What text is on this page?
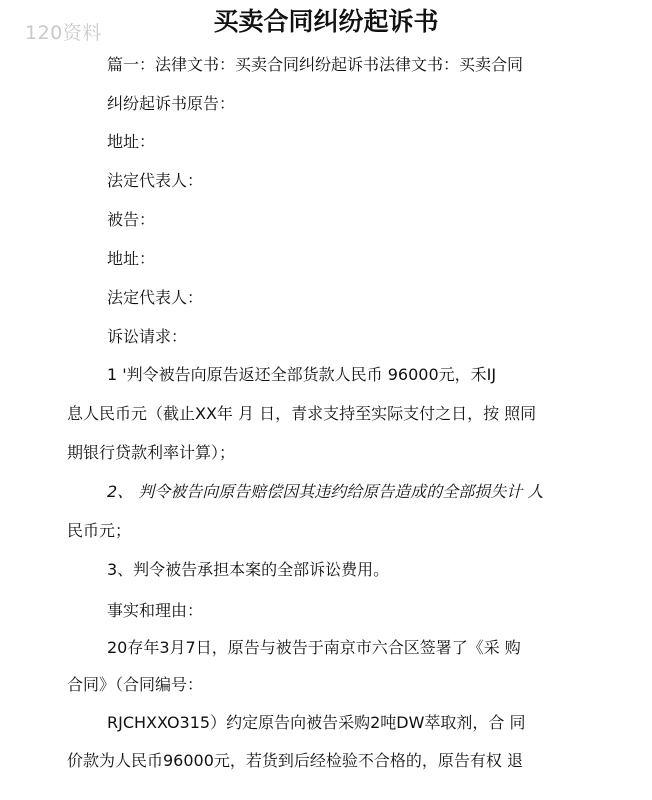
120资料	买卖合同纠纷起诉书
篇一：法律文书：买卖合同纠纷起诉书法律文书：买卖合同
纠纷起诉书原告：
地址：
法定代表人：
被告：
地址：
法定代表人：
诉讼请求：
1 '判令被告向原告返还全部货款人民币 96000元，禾IJ
息人民币元（截止XX年 月 日，青求支持至实际支付之日，按 照同
期银行贷款利率计算）；
2、 判令被告向原告赔偿因其违约给原告造成的全部损失计 人
民币元；
3、判令被告承担本案的全部诉讼费用。
事实和理由：
20存年3月7日，原告与被告于南京市六合区签署了《采 购
合同》（合同编号：
RJCHXXO315）约定原告向被告采购2吨DW萃取剂，合 同
价款为人民币96000元，若货到后经检验不合格的，原告有权 退
